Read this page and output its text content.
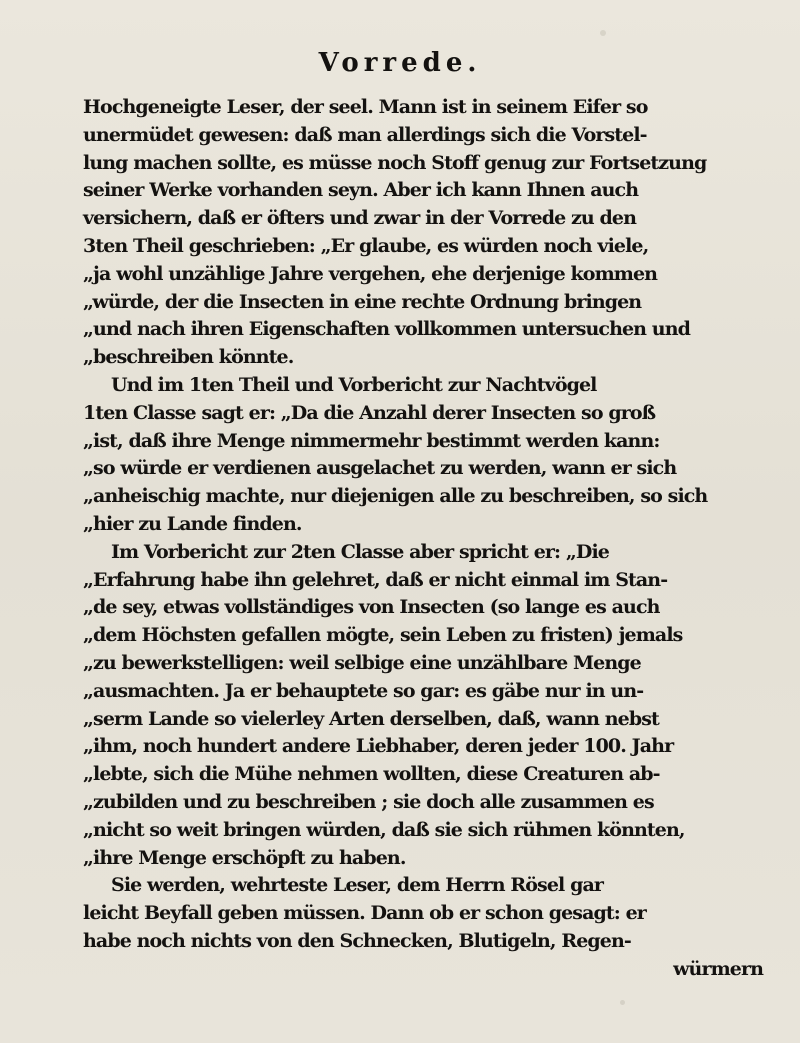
Vorrede.
Hochgeneigte Leser, der seel. Mann ist in seinem Eifer so
unermüdet gewesen: daß man allerdings sich die Vorstel-
lung machen sollte, es müsse noch Stoff genug zur Fortsetzung
seiner Werke vorhanden seyn. Aber ich kann Ihnen auch
versichern, daß er öfters und zwar in der Vorrede zu den
3ten Theil geschrieben: „Er glaube, es würden noch viele,
„ja wohl unzählige Jahre vergehen, ehe derjenige kommen
„würde, der die Insecten in eine rechte Ordnung bringen
„und nach ihren Eigenschaften vollkommen untersuchen und
„beschreiben könnte.
Und im 1ten Theil und Vorbericht zur Nachtvögel
1ten Classe sagt er: „Da die Anzahl derer Insecten so groß
„ist, daß ihre Menge nimmermehr bestimmt werden kann:
„so würde er verdienen ausgelachet zu werden, wann er sich
„anheischig machte, nur diejenigen alle zu beschreiben, so sich
„hier zu Lande finden.
Im Vorbericht zur 2ten Classe aber spricht er: „Die
„Erfahrung habe ihn gelehret, daß er nicht einmal im Stan-
„de sey, etwas vollständiges von Insecten (so lange es auch
„dem Höchsten gefallen mögte, sein Leben zu fristen) jemals
„zu bewerkstelligen: weil selbige eine unzählbare Menge
„ausmachten. Ja er behauptete so gar: es gäbe nur in un-
„serm Lande so vielerley Arten derselben, daß, wann nebst
„ihm, noch hundert andere Liebhaber, deren jeder 100. Jahr
„lebte, sich die Mühe nehmen wollten, diese Creaturen ab-
„zubilden und zu beschreiben ; sie doch alle zusammen es
„nicht so weit bringen würden, daß sie sich rühmen könnten,
„ihre Menge erschöpft zu haben.
Sie werden, wehrteste Leser, dem Herrn Rösel gar
leicht Beyfall geben müssen. Dann ob er schon gesagt: er
habe noch nichts von den Schnecken, Blutigeln, Regen-
würmern
